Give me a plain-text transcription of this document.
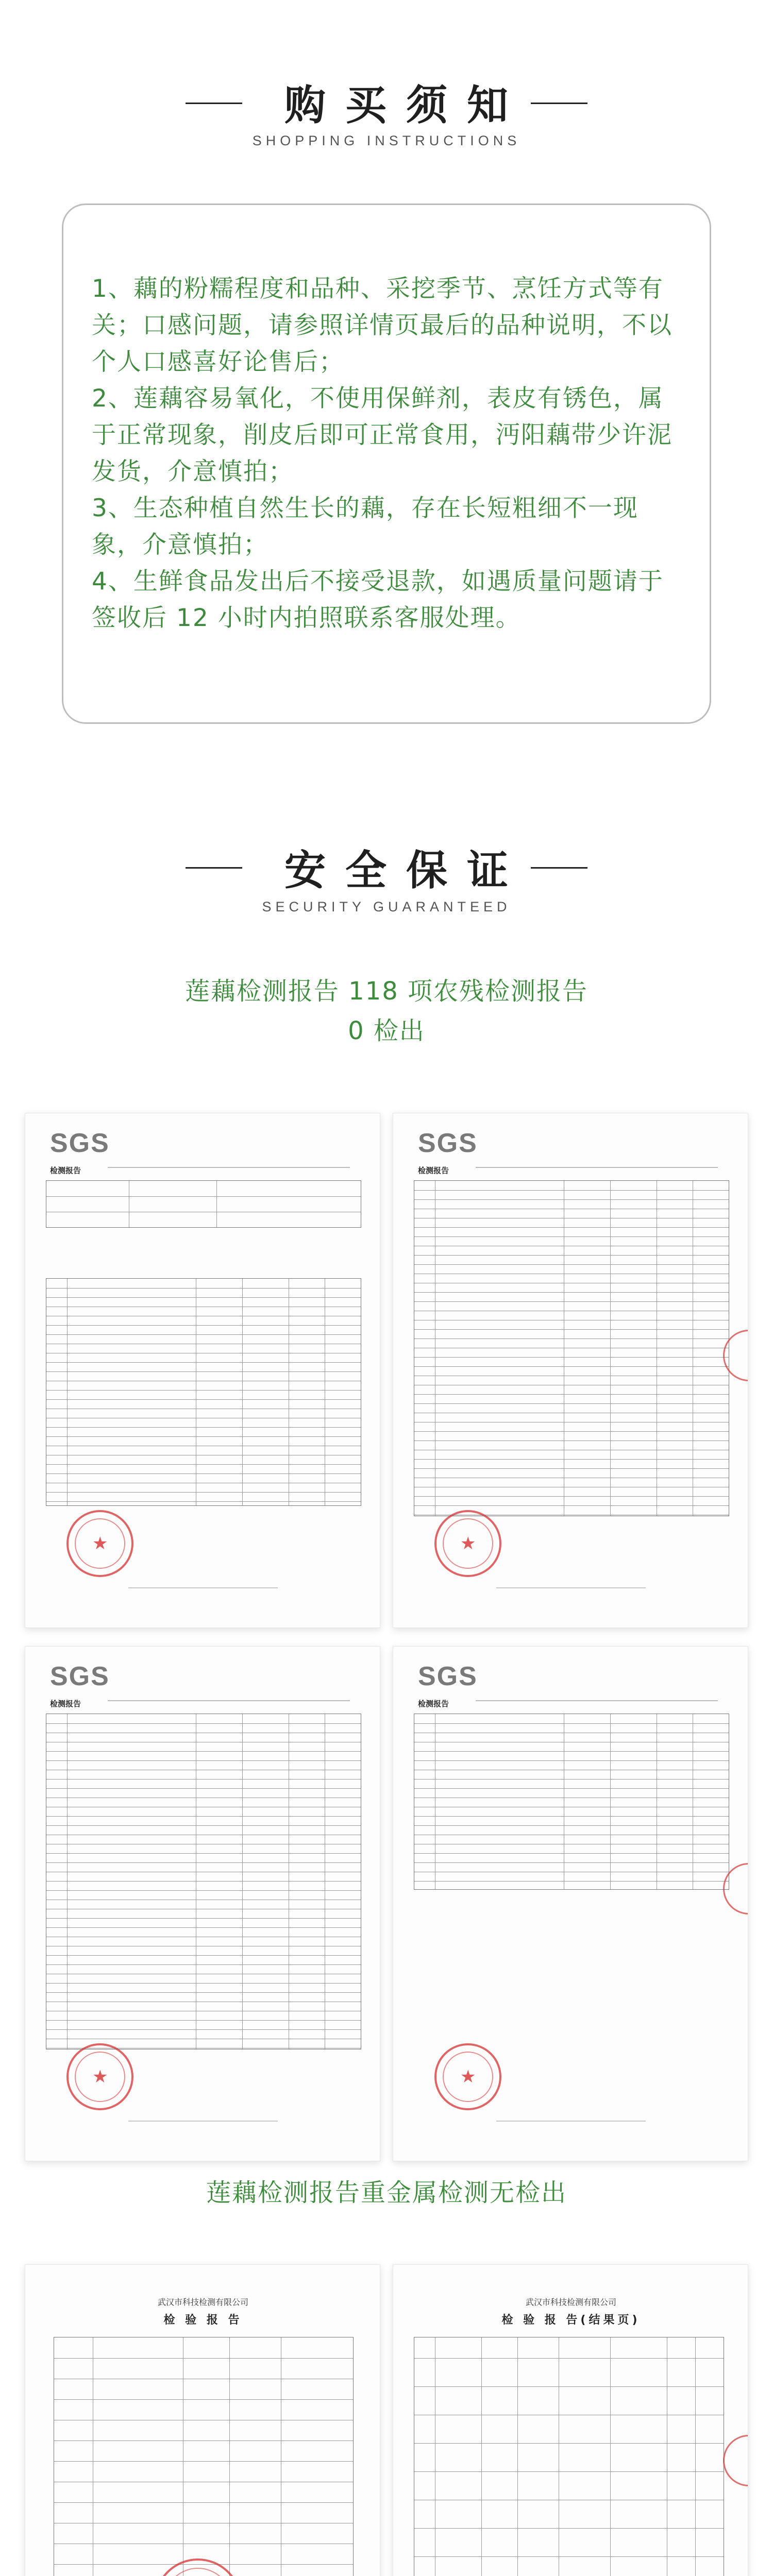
购买须知
SHOPPING INSTRUCTIONS

1、藕的粉糯程度和品种、采挖季节、烹饪方式等有关；口感问题，请参照详情页最后的品种说明，不以个人口感喜好论售后；

2、莲藕容易氧化，不使用保鲜剂，表皮有锈色，属于正常现象，削皮后即可正常食用，沔阳藕带少许泥发货，介意慎拍；

3、生态种植自然生长的藕，存在长短粗细不一现象，介意慎拍；

4、生鲜食品发出后不接受退款，如遇质量问题请于签收后 12 小时内拍照联系客服处理。

安全保证
SECURITY GUARANTEED
莲藕检测报告 118 项农残检测报告
0 检出
SGS
检测报告
★
SGS
检测报告
★
SGS
检测报告
★
SGS
检测报告
★
莲藕检测报告重金属检测无检出
武汉市科技检测有限公司
检 验 报 告
武汉市科技检测有限公司
检 验 报 告(结果页)
